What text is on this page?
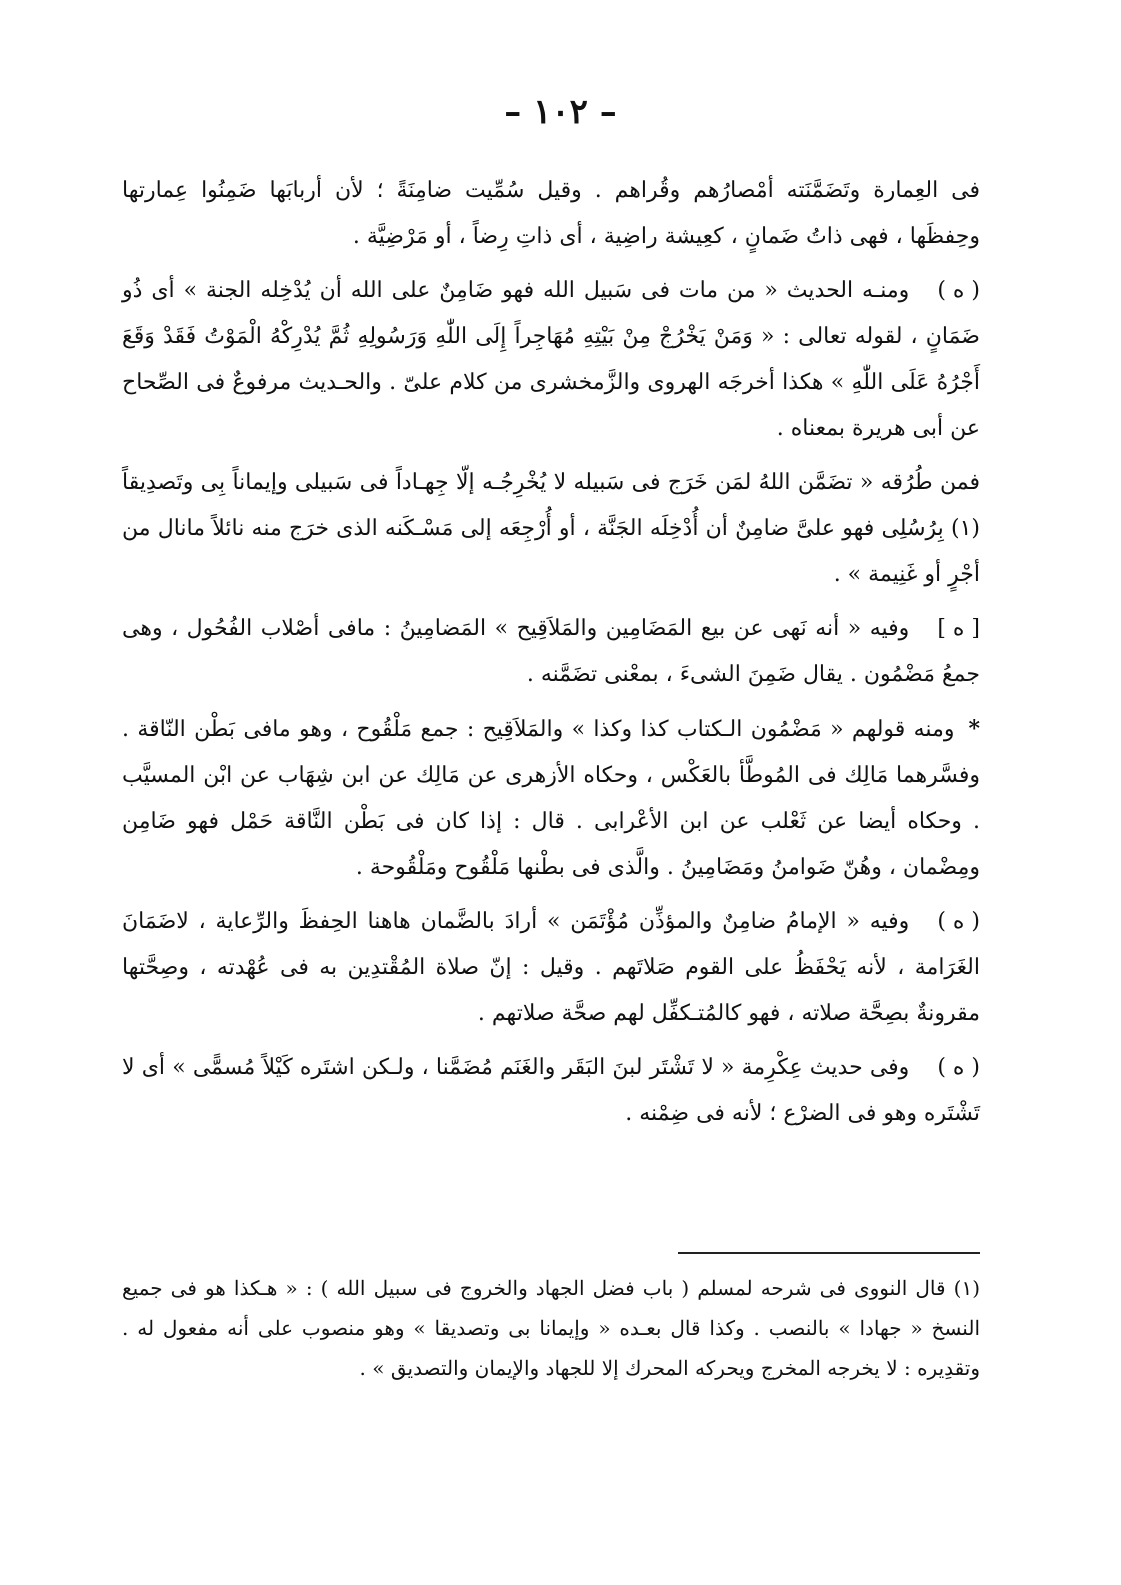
– ١٠٢ –

فى العِمارة وتَضَمَّنَته أمْصارُهم وقُراهم . وقيل سُمِّيت ضامِنَةً ؛ لأن أربابَها ضَمِنُوا عِمارتها وحِفظَها ، فهى ذاتُ ضَمانٍ ، كعِيشة راضِية ، أى ذاتِ رِضاً ، أو مَرْضِيَّة .

( ه )ومنـه الحديث « من مات فى سَبيل الله فهو ضَامِنٌ على الله أن يُدْخِله الجنة » أى ذُو ضَمَانٍ ، لقوله تعالى : « وَمَنْ يَخْرُجْ مِنْ بَيْتِهِ مُهَاجِراً إِلَى اللّٰهِ وَرَسُولِهِ ثُمَّ يُدْرِكْهُ الْمَوْتُ فَقَدْ وَقَعَ أَجْرُهُ عَلَى اللّٰهِ » هكذا أخرجَه الهروى والزَّمخشرى من كلام علىّ . والحـديث مرفوعٌ فى الصِّحاح عن أبى هريرة بمعناه .

فمن طُرُقه « تضَمَّن اللهُ لمَن خَرَج فى سَبيله لا يُخْرِجُـه إلّا جِهـاداً فى سَبيلى وإيماناً بِى وتَصدِيقاً (١) بِرُسُلِى فهو علىَّ ضامِنٌ أن أُدْخِلَه الجَنَّة ، أو أُرْجِعَه إلى مَسْـكَنه الذى خرَج منه نائلاً مانال من أجْرٍ أو غَنِيمة » .

[ ه ]وفيه « أنه نَهى عن بيع المَضَامِين والمَلاَقِيح » المَضامِينُ : مافى أصْلاب الفُحُول ، وهى جمعُ مَضْمُون . يقال ضَمِنَ الشىءَ ، بمعْنى تضَمَّنه .

*ومنه قولهم « مَضْمُون الـكتاب كذا وكذا » والمَلاَقِيح : جمع مَلْقُوح ، وهو مافى بَطْن النّاقة . وفسَّرهما مَالِك فى المُوطَّأ بالعَكْس ، وحكاه الأزهرى عن مَالِك عن ابن شِهَاب عن ابْن المسيَّب . وحكاه أيضا عن ثَعْلب عن ابن الأعْرابى . قال : إذا كان فى بَطْن النَّاقة حَمْل فهو ضَامِن ومِضْمان ، وهُنّ ضَوامنُ ومَضَامِينُ . والَّذى فى بطْنها مَلْقُوح ومَلْقُوحة .

( ه )وفيه « الإمامُ ضامِنٌ والمؤذِّن مُؤْتَمَن » أرادَ بالضَّمان هاهنا الحِفظَ والرِّعاية ، لاضَمَانَ الغَرَامة ، لأنه يَحْفَظُ على القوم صَلاتَهم . وقيل : إنّ صلاة المُقْتدِين به فى عُهْدته ، وصِحَّتها مقرونةٌ بصِحَّة صلاته ، فهو كالمُتـكفِّل لهم صحَّة صلاتهم .

( ه )وفى حديث عِكْرِمة « لا تَشْتَر لبنَ البَقَر والغَنَم مُضَمَّنا ، ولـكن اشتَره كَيْلاً مُسمًّى » أى لا تَشْتَره وهو فى الضرْع ؛ لأنه فى ضِمْنه .

(١) قال النووى فى شرحه لمسلم ( باب فضل الجهاد والخروج فى سبيل الله ) : « هـكذا هو فى جميع النسخ « جهادا » بالنصب . وكذا قال بعـده « وإيمانا بى وتصديقا » وهو منصوب على أنه مفعول له . وتقدِيره : لا يخرجه المخرج ويحركه المحرك إلا للجهاد والإيمان والتصديق » .
